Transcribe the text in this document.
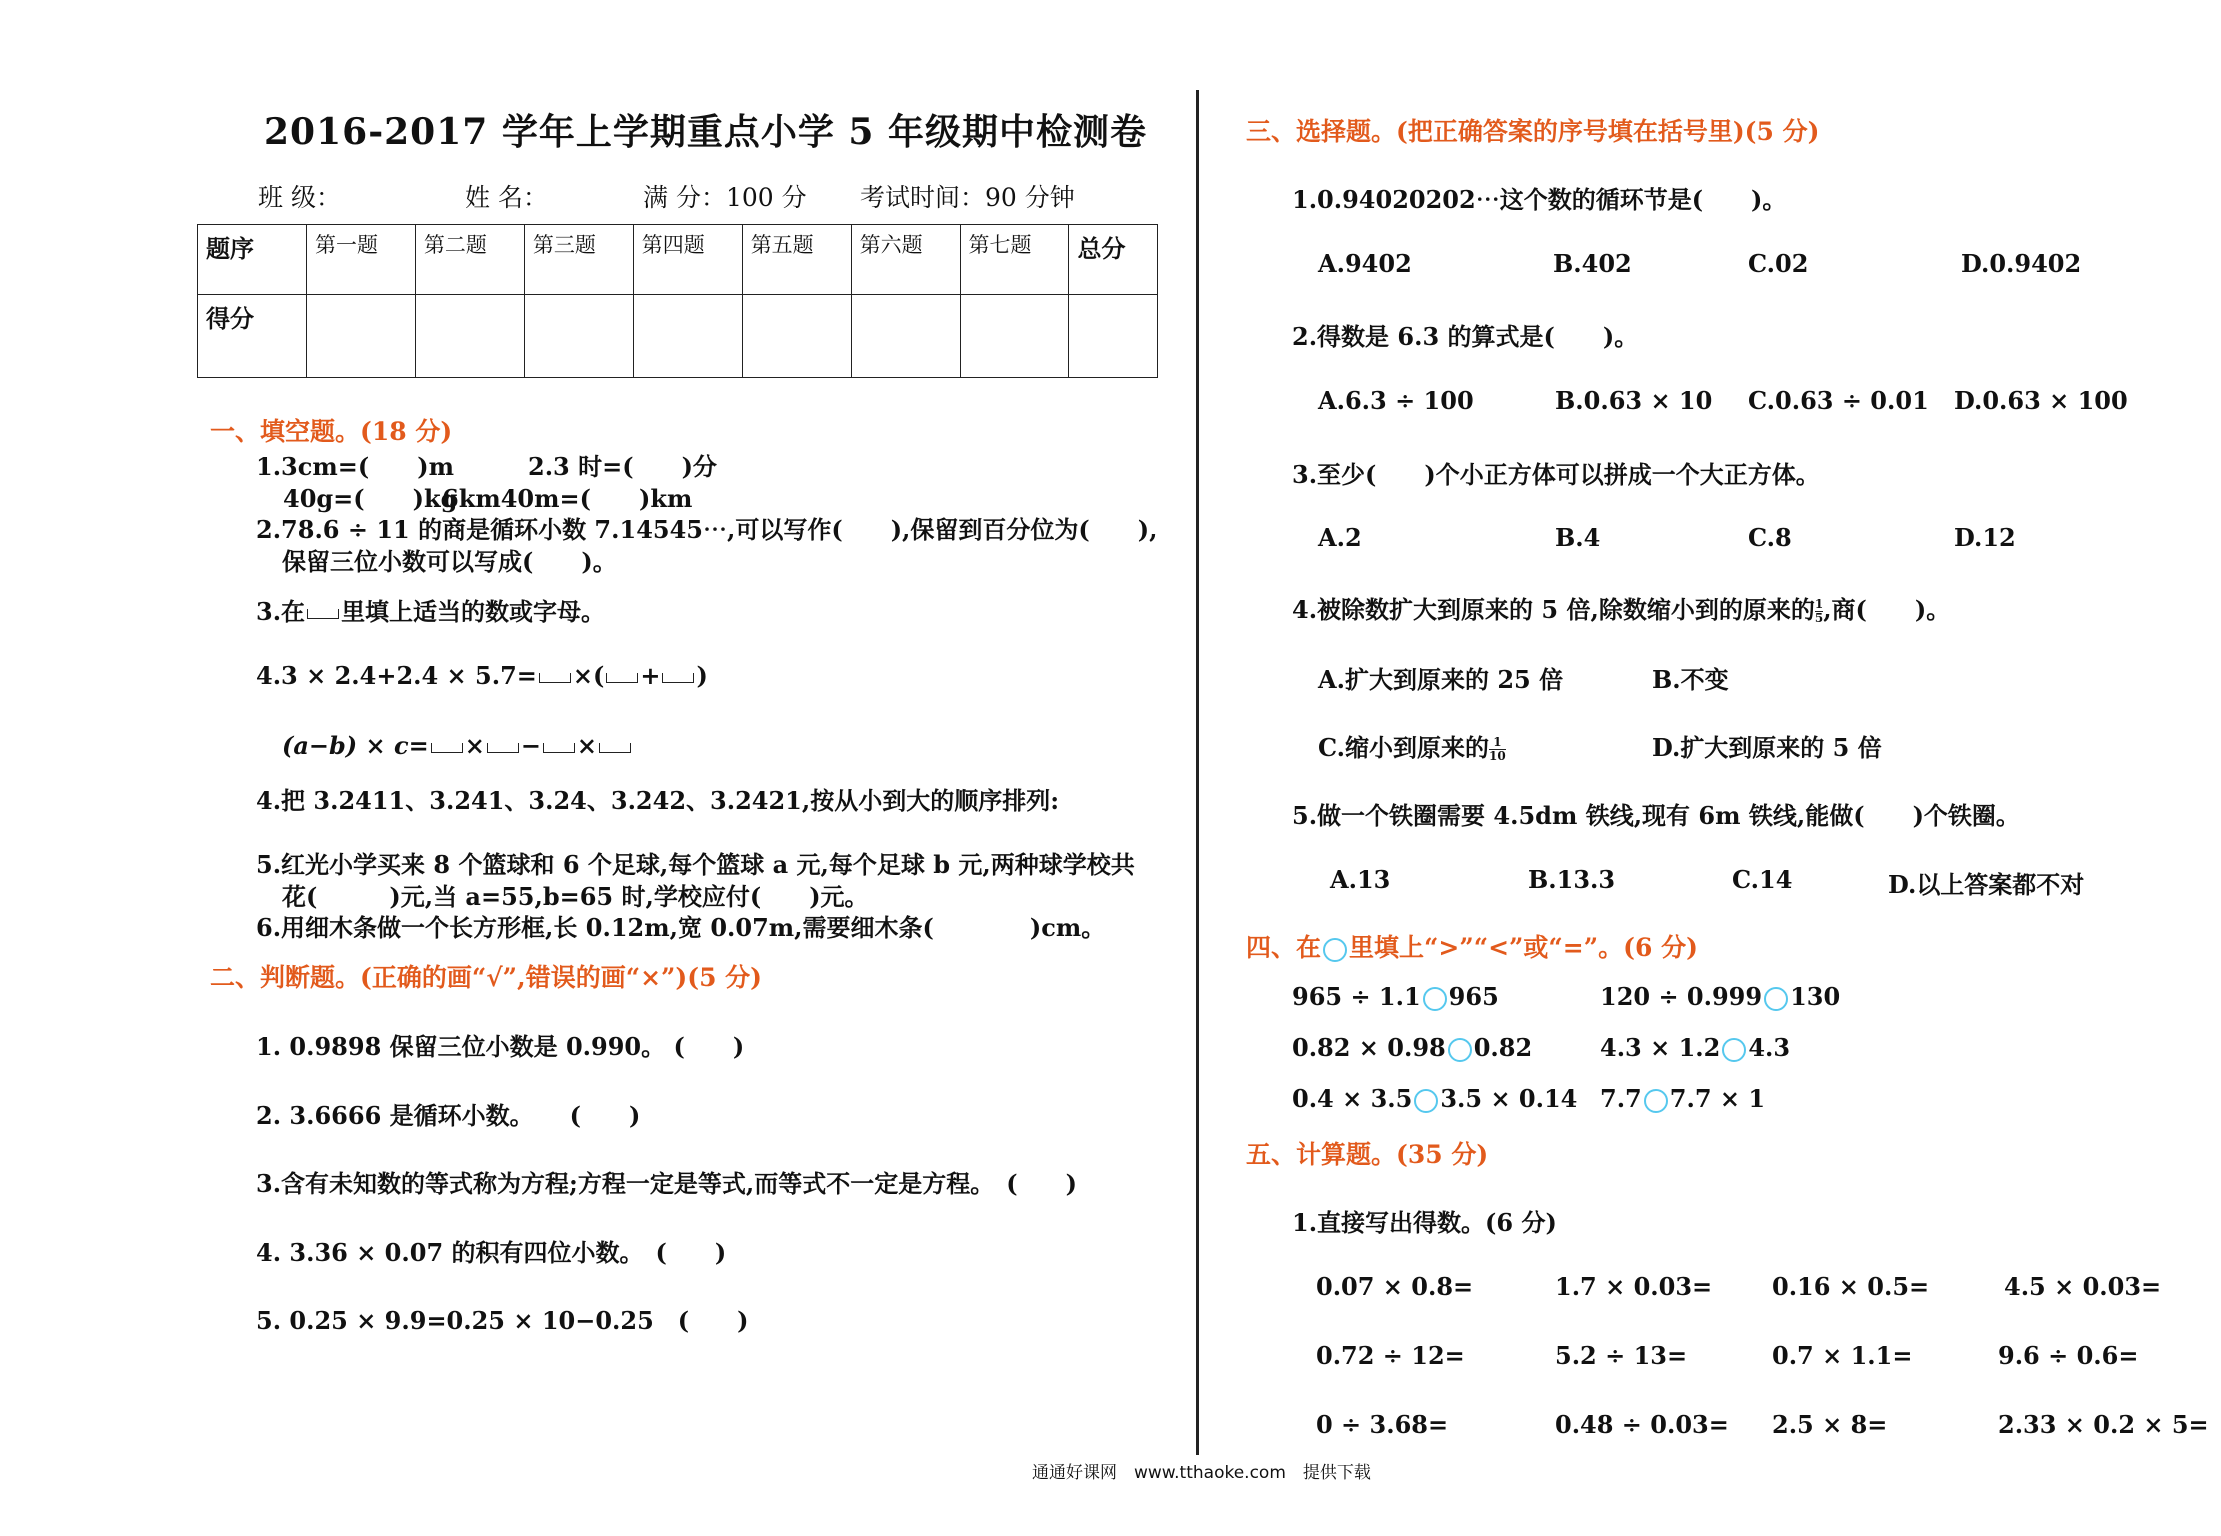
2016-2017 学年上学期重点小学 5 年级期中检测卷
班 级：	姓 名：	满 分：100 分 考试时间：90 分钟
题序	第一题	第二题	第三题	第四题	第五题	第六题	第七题	总分
得分								
一、填空题。(18 分)
1.3cm=(　　)m	2.3 时=(　　)分
40g=(　　)kg
6km40m=(　　)km
2.78.6 ÷ 11 的商是循环小数 7.14545⋯,可以写作(　　),保留到百分位为(　　),
保留三位小数可以写成(　　)。
3.在 里填上适当的数或字母。
4.3 × 2.4+2.4 × 5.7= ×( + )
(a−b) × c= × − ×
4.把 3.2411、3.241、3.24、3.242、3.2421,按从小到大的顺序排列:
5.红光小学买来 8 个篮球和 6 个足球,每个篮球 a 元,每个足球 b 元,两种球学校共
花(　　　)元,当 a=55,b=65 时,学校应付(　　)元。
6.用细木条做一个长方形框,长 0.12m,宽 0.07m,需要细木条(　　　　)cm。
二、判断题。(正确的画“√”,错误的画“×”)(5 分)
1. 0.9898 保留三位小数是 0.990。 (　　)
2. 3.6666 是循环小数。　　(　　)
3.含有未知数的等式称为方程;方程一定是等式,而等式不一定是方程。　(　　)
4. 3.36 × 0.07 的积有四位小数。　(　　)
5. 0.25 × 9.9=0.25 × 10−0.25　(　　)
三、选择题。(把正确答案的序号填在括号里)(5 分)
1.0.94020202⋯这个数的循环节是(　　)。
A.9402	B.402	C.02	D.0.9402
2.得数是 6.3 的算式是(　　)。
A.6.3 ÷ 100	B.0.63 × 10 C.0.63 ÷ 0.01 D.0.63 × 100
3.至少(　　)个小正方体可以拼成一个大正方体。
A.2	B.4	C.8	D.12
4.被除数扩大到原来的 5 倍,除数缩小到的原来的 $\frac{1}{5}$ ,商(　　)。
A.扩大到原来的 25 倍	B.不变
C.缩小到原来的 $\frac{1}{10}$	D.扩大到原来的 5 倍
5.做一个铁圈需要 4.5dm 铁线,现有 6m 铁线,能做(　　)个铁圈。
A.13	B.13.3	C.14	D.以上答案都不对
四、在 里填上“>”“<”或“=”。(6 分)
965 ÷ 1.1 965	120 ÷ 0.999 130
0.82 × 0.98 0.82	4.3 × 1.2 4.3
0.4 × 3.5 3.5 × 0.14 7.7 7.7 × 1
五、计算题。(35 分)
1.直接写出得数。(6 分)
0.07 × 0.8=	1.7 × 0.03= 0.16 × 0.5=	4.5 × 0.03=
0.72 ÷ 12=	5.2 ÷ 13=	0.7 × 1.1=	9.6 ÷ 0.6=
0 ÷ 3.68=	0.48 ÷ 0.03= 2.5 × 8=	2.33 × 0.2 × 5=
通通好课网　www.tthaoke.com　提供下载
